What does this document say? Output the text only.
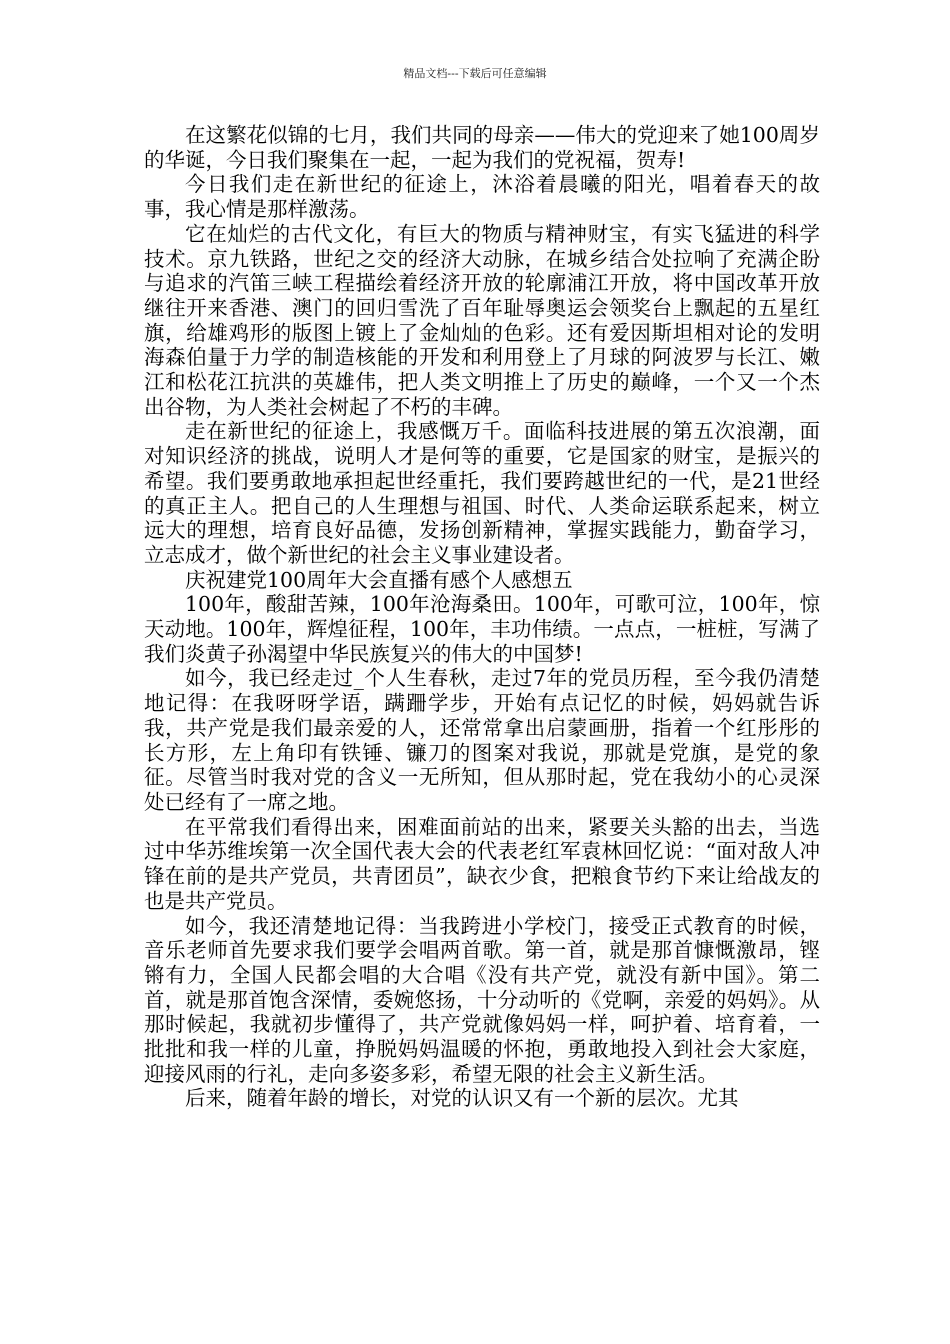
精品文档---下载后可任意编辑

在这繁花似锦的七月，我们共同的母亲——伟大的党迎来了她100周岁的华诞，今日我们聚集在一起，一起为我们的党祝福，贺寿!

今日我们走在新世纪的征途上，沐浴着晨曦的阳光，唱着春天的故事，我心情是那样激荡。

它在灿烂的古代文化，有巨大的物质与精神财宝，有实飞猛进的科学技术。京九铁路，世纪之交的经济大动脉，在城乡结合处拉响了充满企盼与追求的汽笛三峡工程描绘着经济开放的轮廓浦江开放，将中国改革开放继往开来香港、澳门的回归雪洗了百年耻辱奥运会领奖台上飘起的五星红旗，给雄鸡形的版图上镀上了金灿灿的色彩。还有爱因斯坦相对论的发明海森伯量于力学的制造核能的开发和利用登上了月球的阿波罗与长江、嫩江和松花江抗洪的英雄伟，把人类文明推上了历史的巅峰，一个又一个杰出谷物，为人类社会树起了不朽的丰碑。

走在新世纪的征途上，我感慨万千。面临科技进展的第五次浪潮，面对知识经济的挑战，说明人才是何等的重要，它是国家的财宝，是振兴的希望。我们要勇敢地承担起世经重托，我们要跨越世纪的一代，是21世经的真正主人。把自己的人生理想与祖国、时代、人类命运联系起来，树立远大的理想，培育良好品德，发扬创新精神，掌握实践能力，勤奋学习，立志成才，做个新世纪的社会主义事业建设者。

庆祝建党100周年大会直播有感个人感想五

100年，酸甜苦辣，100年沧海桑田。100年，可歌可泣，100年，惊天动地。100年，辉煌征程，100年，丰功伟绩。一点点，一桩桩，写满了我们炎黄子孙渴望中华民族复兴的伟大的中国梦!

如今，我已经走过_个人生春秋，走过7年的党员历程，至今我仍清楚地记得：在我呀呀学语，蹒跚学步，开始有点记忆的时候，妈妈就告诉我，共产党是我们最亲爱的人，还常常拿出启蒙画册，指着一个红彤彤的长方形，左上角印有铁锤、镰刀的图案对我说，那就是党旗，是党的象征。尽管当时我对党的含义一无所知，但从那时起，党在我幼小的心灵深处已经有了一席之地。

在平常我们看得出来，困难面前站的出来，紧要关头豁的出去，当选过中华苏维埃第一次全国代表大会的代表老红军袁林回忆说：“面对敌人冲锋在前的是共产党员，共青团员”，缺衣少食，把粮食节约下来让给战友的也是共产党员。

如今，我还清楚地记得：当我跨进小学校门，接受正式教育的时候，音乐老师首先要求我们要学会唱两首歌。第一首，就是那首慷慨激昂，铿锵有力，全国人民都会唱的大合唱《没有共产党，就没有新中国》。第二首，就是那首饱含深情，委婉悠扬，十分动听的《党啊，亲爱的妈妈》。从那时候起，我就初步懂得了，共产党就像妈妈一样，呵护着、培育着，一批批和我一样的儿童，挣脱妈妈温暖的怀抱，勇敢地投入到社会大家庭，迎接风雨的行礼，走向多姿多彩，希望无限的社会主义新生活。

后来，随着年龄的增长，对党的认识又有一个新的层次。尤其
